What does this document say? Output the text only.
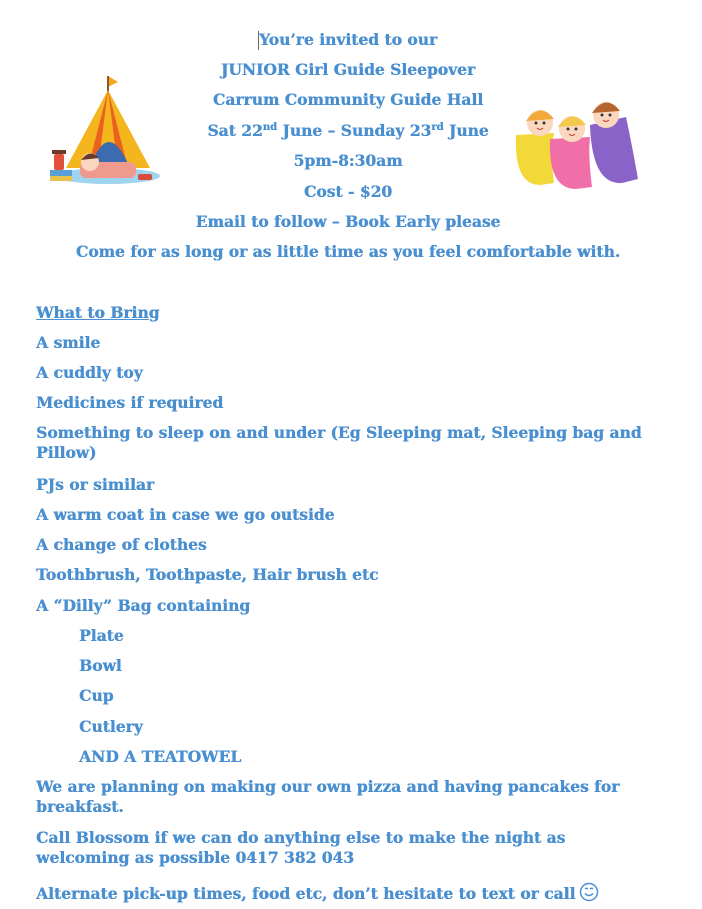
You’re invited to our
JUNIOR Girl Guide Sleepover
Carrum Community Guide Hall
Sat 22nd June – Sunday 23rd June
5pm-8:30am
Cost - $20
Email to follow – Book Early please
Come for as long or as little time as you feel comfortable with.
What to Bring
A smile
A cuddly toy
Medicines if required
Something to sleep on and under (Eg Sleeping mat, Sleeping bag and Pillow)
PJs or similar
A warm coat in case we go outside
A change of clothes
Toothbrush, Toothpaste, Hair brush etc
A “Dilly” Bag containing
Plate
Bowl
Cup
Cutlery
AND A TEATOWEL
We are planning on making our own pizza and having pancakes for breakfast.
Call Blossom if we can do anything else to make the night as welcoming as possible 0417 382 043
Alternate pick-up times, food etc, don’t hesitate to text or call
